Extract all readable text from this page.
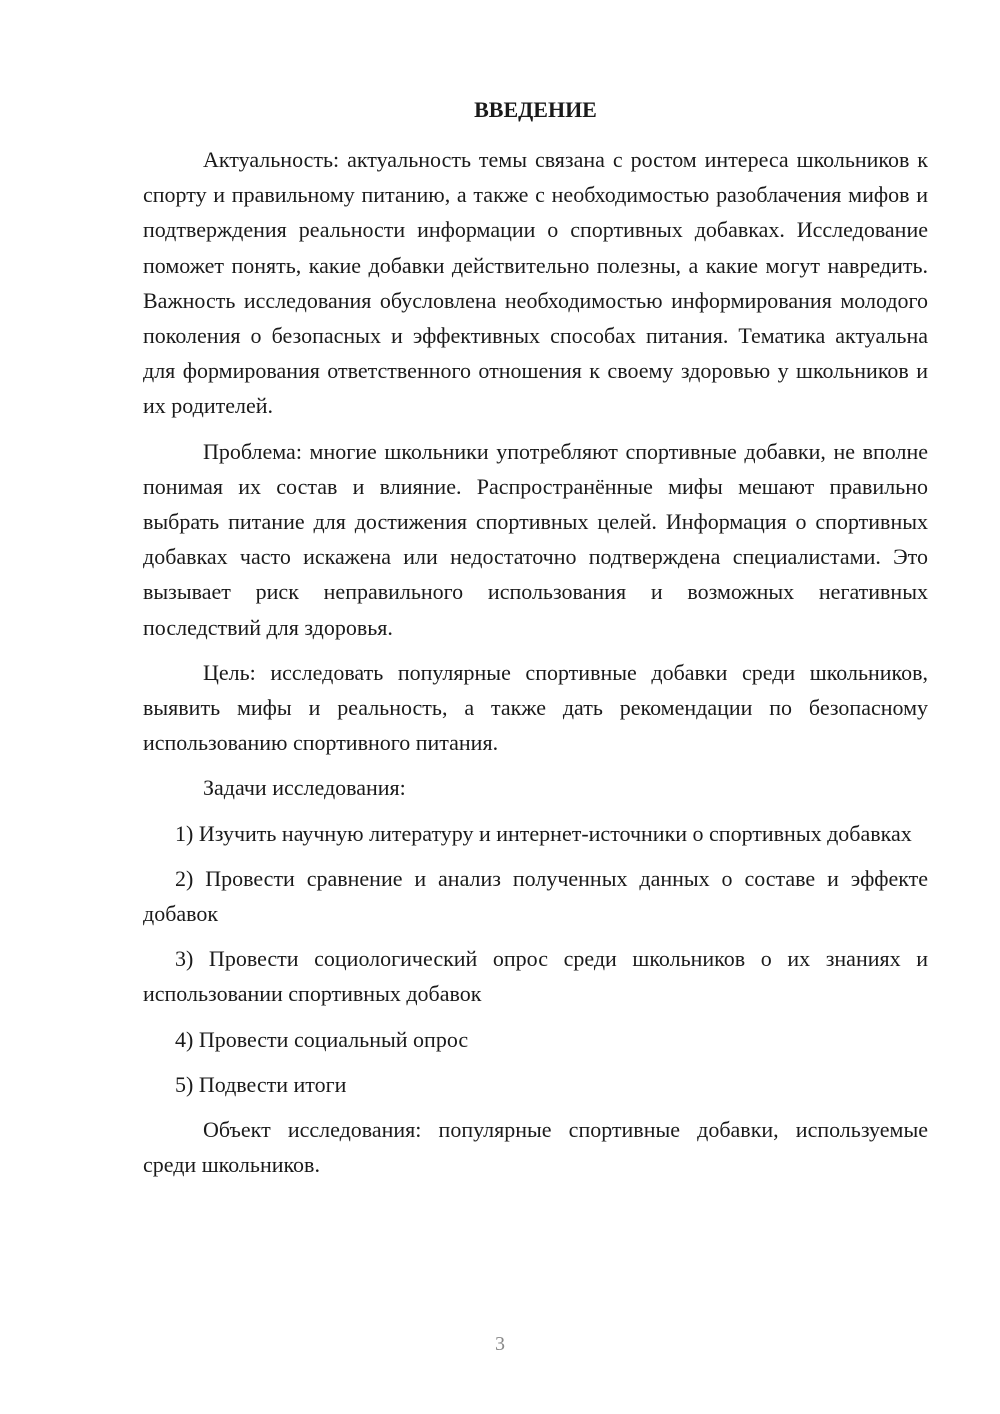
ВВЕДЕНИЕ

Актуальность: актуальность темы связана с ростом интереса школьников к спорту и правильному питанию, а также с необходимостью разоблачения мифов и подтверждения реальности информации о спортивных добавках. Исследование поможет понять, какие добавки действительно полезны, а какие могут навредить. Важность исследования обусловлена необходимостью информирования молодого поколения о безопасных и эффективных способах питания. Тематика актуальна для формирования ответственного отношения к своему здоровью у школьников и их родителей.

Проблема: многие школьники употребляют спортивные добавки, не вполне понимая их состав и влияние. Распространённые мифы мешают правильно выбрать питание для достижения спортивных целей. Информация о спортивных добавках часто искажена или недостаточно подтверждена специалистами. Это вызывает риск неправильного использования и возможных негативных последствий для здоровья.

Цель: исследовать популярные спортивные добавки среди школьников, выявить мифы и реальность, а также дать рекомендации по безопасному использованию спортивного питания.

Задачи исследования:

1) Изучить научную литературу и интернет-источники о спортивных добавках

2) Провести сравнение и анализ полученных данных о составе и эффекте добавок

3) Провести социологический опрос среди школьников о их знаниях и использовании спортивных добавок

4) Провести социальный опрос

5) Подвести итоги

Объект исследования: популярные спортивные добавки, используемые среди школьников.

3
